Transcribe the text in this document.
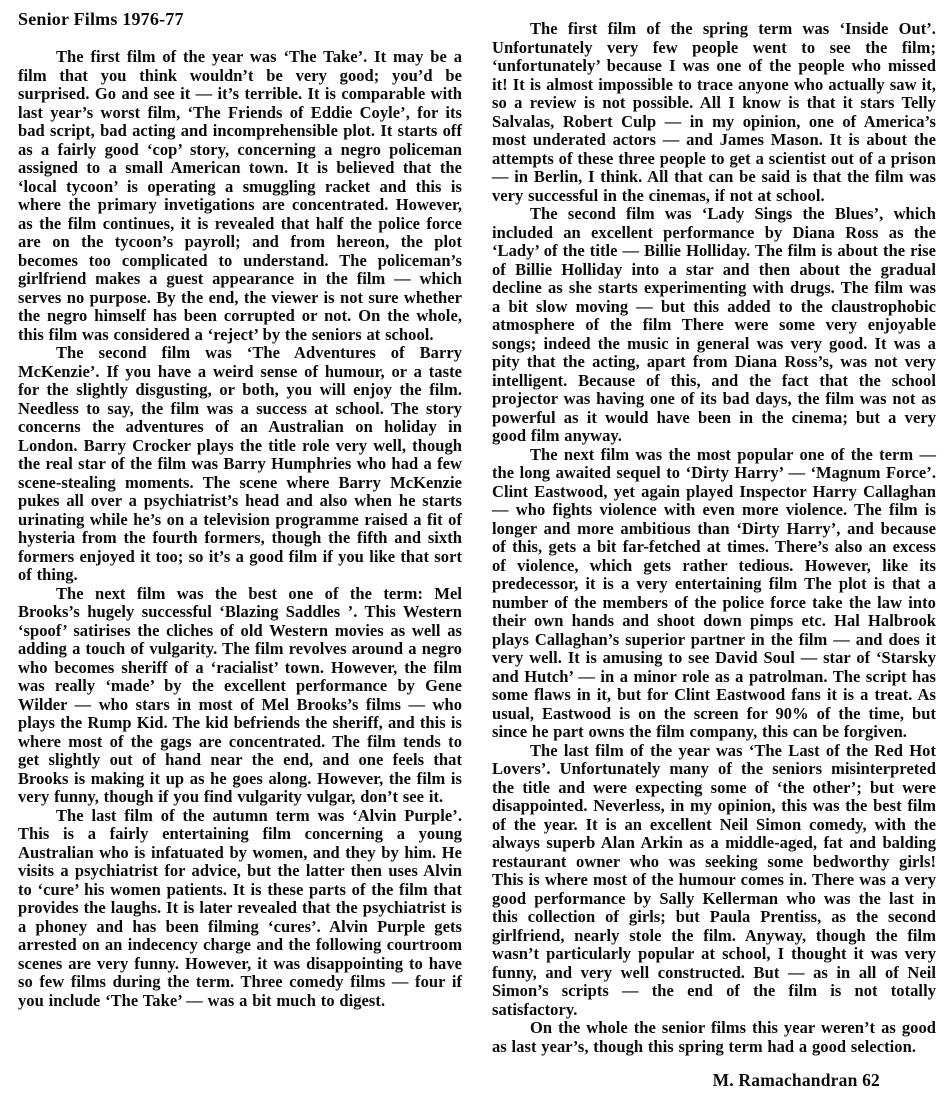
Senior Films 1976-77

The first film of the year was ‘The Take’. It may be a film that you think wouldn’t be very good; you’d be surprised. Go and see it — it’s terrible. It is comparable with last year’s worst film, ‘The Friends of Eddie Coyle’, for its bad script, bad acting and incomprehensible plot. It starts off as a fairly good ‘cop’ story, concerning a negro policeman assigned to a small American town. It is believed that the ‘local tycoon’ is operating a smuggling racket and this is where the primary invetigations are concentrated. However, as the film continues, it is revealed that half the police force are on the tycoon’s payroll; and from hereon, the plot becomes too complicated to understand. The policeman’s girlfriend makes a guest appearance in the film — which serves no purpose. By the end, the viewer is not sure whether the negro himself has been corrupted or not. On the whole, this film was considered a ‘reject’ by the seniors at school.

The second film was ‘The Adventures of Barry McKenzie’. If you have a weird sense of humour, or a taste for the slightly disgusting, or both, you will enjoy the film. Needless to say, the film was a success at school. The story concerns the adventures of an Australian on holiday in London. Barry Crocker plays the title role very well, though the real star of the film was Barry Humphries who had a few scene-stealing moments. The scene where Barry McKenzie pukes all over a psychiatrist’s head and also when he starts urinating while he’s on a television programme raised a fit of hysteria from the fourth formers, though the fifth and sixth formers enjoyed it too; so it’s a good film if you like that sort of thing.

The next film was the best one of the term: Mel Brooks’s hugely successful ‘Blazing Saddles ’. This Western ‘spoof’ satirises the cliches of old Western movies as well as adding a touch of vulgarity. The film revolves around a negro who becomes sheriff of a ‘racialist’ town. However, the film was really ‘made’ by the excellent performance by Gene Wilder — who stars in most of Mel Brooks’s films — who plays the Rump Kid. The kid befriends the sheriff, and this is where most of the gags are concentrated. The film tends to get slightly out of hand near the end, and one feels that Brooks is making it up as he goes along. However, the film is very funny, though if you find vulgarity vulgar, don’t see it.

The last film of the autumn term was ‘Alvin Purple’. This is a fairly entertaining film concerning a young Australian who is infatuated by women, and they by him. He visits a psychiatrist for advice, but the latter then uses Alvin to ‘cure’ his women patients. It is these parts of the film that provides the laughs. It is later revealed that the psychiatrist is a phoney and has been filming ‘cures’. Alvin Purple gets arrested on an indecency charge and the following courtroom scenes are very funny. However, it was disappointing to have so few films during the term. Three comedy films — four if you include ‘The Take’ — was a bit much to digest.

The first film of the spring term was ‘Inside Out’. Unfortunately very few people went to see the film; ‘unfortunately’ because I was one of the people who missed it! It is almost impossible to trace anyone who actually saw it, so a review is not possible. All I know is that it stars Telly Salvalas, Robert Culp — in my opinion, one of America’s most underated actors — and James Mason. It is about the attempts of these three people to get a scientist out of a prison — in Berlin, I think. All that can be said is that the film was very successful in the cinemas, if not at school.

The second film was ‘Lady Sings the Blues’, which included an excellent performance by Diana Ross as the ‘Lady’ of the title — Billie Holliday. The film is about the rise of Billie Holliday into a star and then about the gradual decline as she starts experimenting with drugs. The film was a bit slow moving — but this added to the claustrophobic atmosphere of the film There were some very enjoyable songs; indeed the music in general was very good. It was a pity that the acting, apart from Diana Ross’s, was not very intelligent. Because of this, and the fact that the school projector was having one of its bad days, the film was not as powerful as it would have been in the cinema; but a very good film anyway.

The next film was the most popular one of the term — the long awaited sequel to ‘Dirty Harry’ — ‘Magnum Force’. Clint Eastwood, yet again played Inspector Harry Callaghan — who fights violence with even more violence. The film is longer and more ambitious than ‘Dirty Harry’, and because of this, gets a bit far-fetched at times. There’s also an excess of violence, which gets rather tedious. However, like its predecessor, it is a very entertaining film The plot is that a number of the members of the police force take the law into their own hands and shoot down pimps etc. Hal Halbrook plays Callaghan’s superior partner in the film — and does it very well. It is amusing to see David Soul — star of ‘Starsky and Hutch’ — in a minor role as a patrolman. The script has some flaws in it, but for Clint Eastwood fans it is a treat. As usual, Eastwood is on the screen for 90% of the time, but since he part owns the film company, this can be forgiven.

The last film of the year was ‘The Last of the Red Hot Lovers’. Unfortunately many of the seniors misinterpreted the title and were expecting some of ‘the other’; but were disappointed. Neverless, in my opinion, this was the best film of the year. It is an excellent Neil Simon comedy, with the always superb Alan Arkin as a middle-aged, fat and balding restaurant owner who was seeking some bedworthy girls! This is where most of the humour comes in. There was a very good performance by Sally Kellerman who was the last in this collection of girls; but Paula Prentiss, as the second girlfriend, nearly stole the film. Anyway, though the film wasn’t particularly popular at school, I thought it was very funny, and very well constructed. But — as in all of Neil Simon’s scripts — the end of the film is not totally satisfactory.

On the whole the senior films this year weren’t as good as last year’s, though this spring term had a good selection.

M. Ramachandran 62
